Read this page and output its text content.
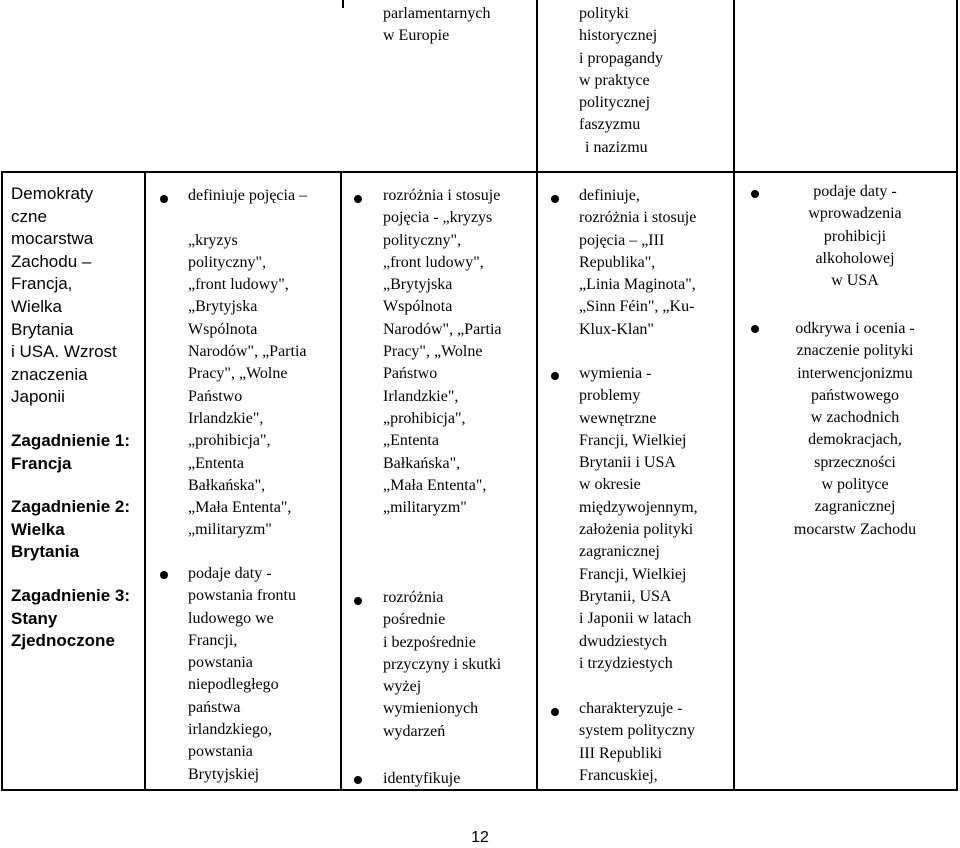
parlamentarnych
w Europie
polityki
historycznej
i propagandy
w praktyce
politycznej
faszyzmu
i nazizmu
Demokraty
czne
mocarstwa
Zachodu –
Francja,
Wielka
Brytania
i USA. Wzrost
znaczenia
Japonii
Zagadnienie 1:
Francja
Zagadnienie 2:
Wielka
Brytania
Zagadnienie 3:
Stany
Zjednoczone
definiuje pojęcia –

„kryzys
polityczny",
„front ludowy",
„Brytyjska
Wspólnota
Narodów", „Partia
Pracy", „Wolne
Państwo
Irlandzkie",
„prohibicja",
„Ententa
Bałkańska",
„Mała Ententa",
„militaryzm"
podaje daty -
powstania frontu
ludowego we
Francji,
powstania
niepodległego
państwa
irlandzkiego,
powstania
Brytyjskiej
rozróżnia i stosuje
pojęcia - „kryzys
polityczny",
„front ludowy",
„Brytyjska
Wspólnota
Narodów", „Partia
Pracy", „Wolne
Państwo
Irlandzkie",
„prohibicja",
„Ententa
Bałkańska",
„Mała Ententa",
„militaryzm"
rozróżnia
pośrednie
i bezpośrednie
przyczyny i skutki
wyżej
wymienionych
wydarzeń
identyfikuje
definiuje,
rozróżnia i stosuje
pojęcia – „III
Republika",
„Linia Maginota",
„Sinn Féin", „Ku-
Klux-Klan"
wymienia -
problemy
wewnętrzne
Francji, Wielkiej
Brytanii i USA
w okresie
międzywojennym,
założenia polityki
zagranicznej
Francji, Wielkiej
Brytanii, USA
i Japonii w latach
dwudziestych
i trzydziestych
charakteryzuje -
system polityczny
III Republiki
Francuskiej,
podaje daty -
wprowadzenia
prohibicji
alkoholowej
w USA
odkrywa i ocenia -
znaczenie polityki
interwencjonizmu
państwowego
w zachodnich
demokracjach,
sprzeczności
w polityce
zagranicznej
mocarstw Zachodu
12
